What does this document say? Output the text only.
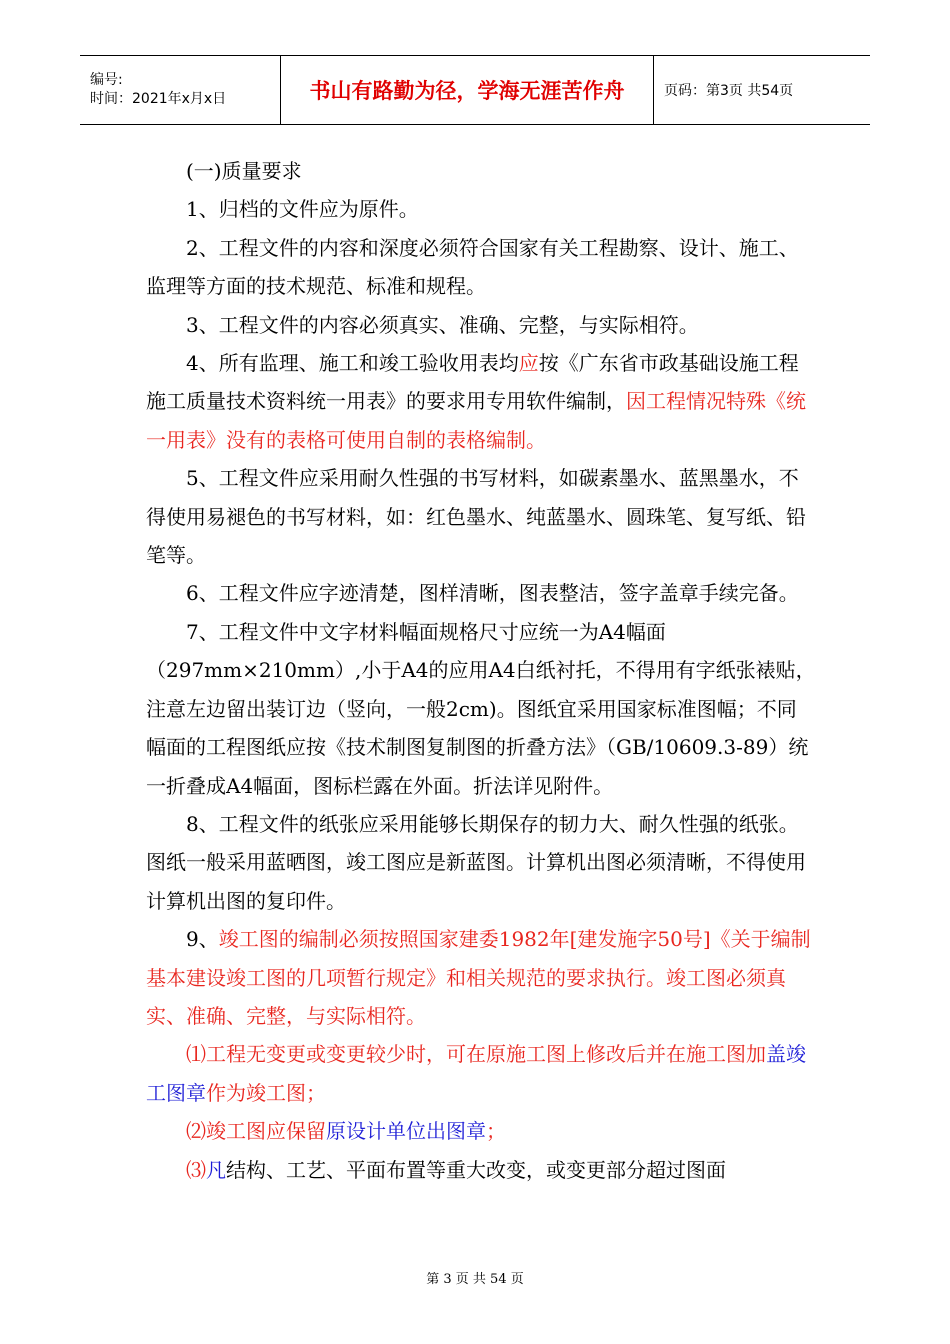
编号:
时间：2021年x月x日	书山有路勤为径，学海无涯苦作舟	页码：第3页 共54页

(一)质量要求

1、归档的文件应为原件。

2、工程文件的内容和深度必须符合国家有关工程勘察、设计、施工、监理等方面的技术规范、标准和规程。

3、工程文件的内容必须真实、准确、完整，与实际相符。

4、所有监理、施工和竣工验收用表均应按《广东省市政基础设施工程施工质量技术资料统一用表》的要求用专用软件编制，因工程情况特殊《统一用表》没有的表格可使用自制的表格编制。

5、工程文件应采用耐久性强的书写材料，如碳素墨水、蓝黑墨水，不得使用易褪色的书写材料，如：红色墨水、纯蓝墨水、圆珠笔、复写纸、铅笔等。

6、工程文件应字迹清楚，图样清晰，图表整洁，签字盖章手续完备。

7、工程文件中文字材料幅面规格尺寸应统一为A4幅面（297mm×210mm）,小于A4的应用A4白纸衬托，不得用有字纸张裱贴，注意左边留出装订边（竖向，一般2cm)。图纸宜采用国家标准图幅；不同幅面的工程图纸应按《技术制图复制图的折叠方法》（GB/10609.3-89）统一折叠成A4幅面，图标栏露在外面。折法详见附件。

8、工程文件的纸张应采用能够长期保存的韧力大、耐久性强的纸张。图纸一般采用蓝晒图，竣工图应是新蓝图。计算机出图必须清晰，不得使用计算机出图的复印件。

9、竣工图的编制必须按照国家建委1982年[建发施字50号]《关于编制基本建设竣工图的几项暂行规定》和相关规范的要求执行。竣工图必须真实、准确、完整，与实际相符。

⑴工程无变更或变更较少时，可在原施工图上修改后并在施工图加盖竣工图章作为竣工图；

⑵竣工图应保留原设计单位出图章；

⑶凡结构、工艺、平面布置等重大改变，或变更部分超过图面

第 3 页 共 54 页
